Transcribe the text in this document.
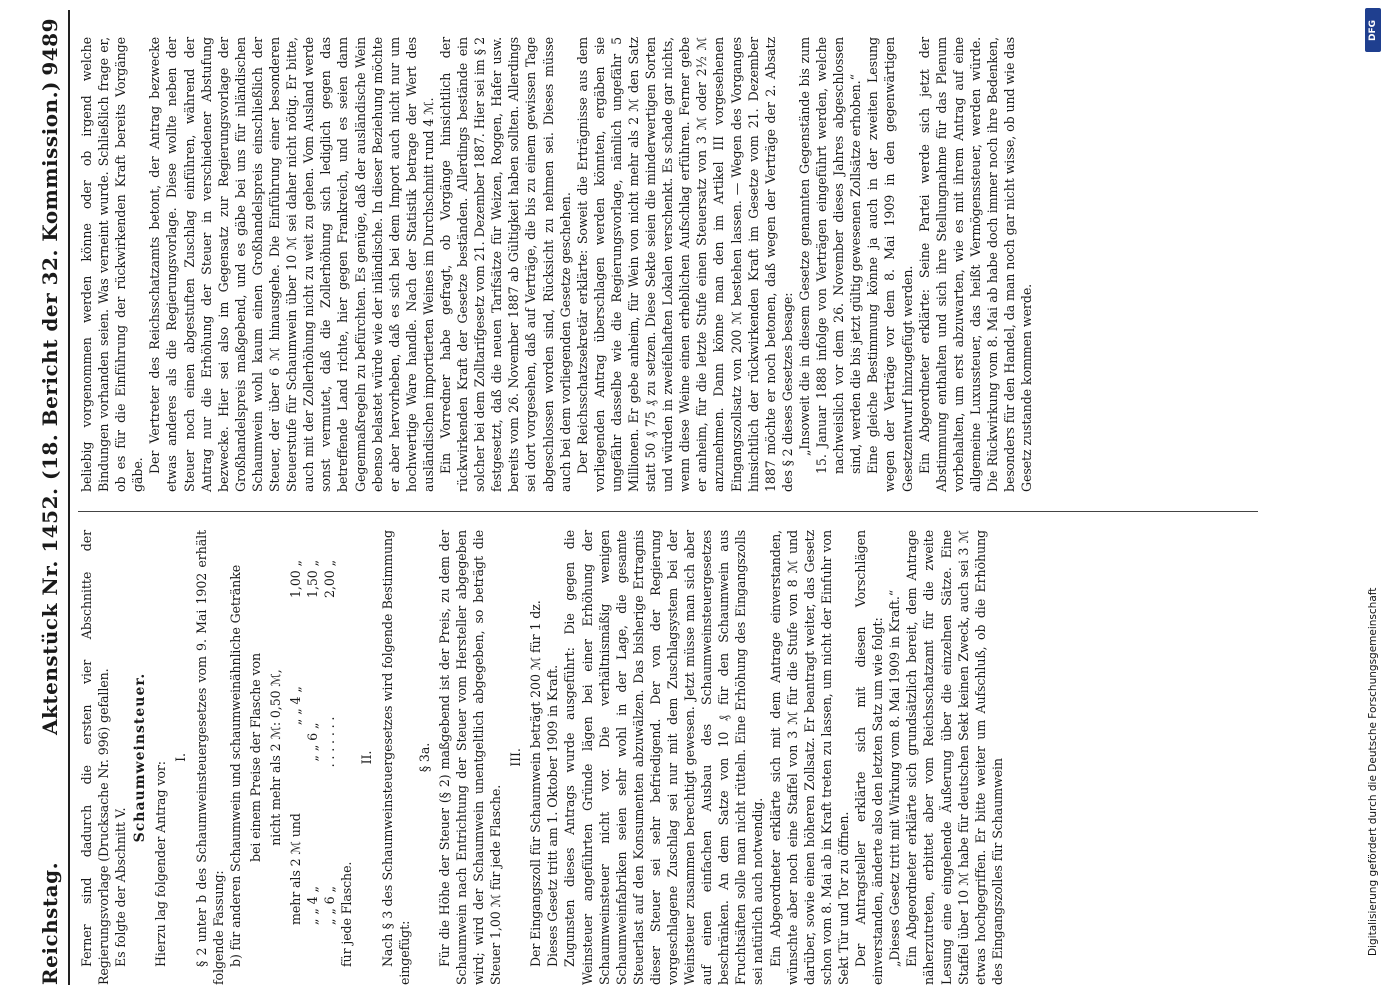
Reichstag.
Aktenstück Nr. 1452.
(18. Bericht der 32. Kommission.)
9489

Ferner sind dadurch die ersten vier Abschnitte der Regierungsvorlage (Drucksache Nr. 996) gefallen. Es folgte der Abschnitt V.

Schaumweinsteuer.

Hierzu lag folgender Antrag vor:

I. § 2 unter b des Schaumweinsteuergesetzes vom 9. Mai 1902 erhält folgende Fassung: b) für anderen Schaumwein und schaumweinähnliche Getränke bei einem Preise der Flasche von nicht mehr als 2 ℳ: 0,50 ℳ,

mehr als 2 ℳ und
„ „ 4 „
1,00 „
„ „ 4 „
„ „ 6 „
1,50 „
„ „ 6 „
. . . . . . .
2,00 „

für jede Flasche.

II. Nach § 3 des Schaumweinsteuergesetzes wird folgende Bestimmung eingefügt:

§ 3a. Für die Höhe der Steuer (§ 2) maßgebend ist der Preis, zu dem der Schaumwein nach Entrichtung der Steuer vom Hersteller abgegeben wird; wird der Schaumwein unentgeltlich abgegeben, so beträgt die Steuer 1,00 ℳ für jede Flasche.

III. Der Eingangszoll für Schaumwein beträgt 200 ℳ für 1 dz. Dieses Gesetz tritt am 1. Oktober 1909 in Kraft. Zugunsten dieses Antrags wurde ausgeführt: Die gegen die Weinsteuer angeführten Gründe lägen bei einer Erhöhung der Schaumweinsteuer nicht vor. Die verhältnismäßig wenigen Schaumweinfabriken seien sehr wohl in der Lage, die gesamte Steuerlast auf den Konsumenten abzuwälzen. Das bisherige Ertragnis dieser Steuer sei sehr befriedigend. Der von der Regierung vorgeschlagene Zuschlag sei nur mit dem Zuschlagsystem bei der Weinsteuer zusammen berechtigt gewesen. Jetzt müsse man sich aber auf einen einfachen Ausbau des Schaumweinsteuergesetzes beschränken. An dem Satze von 10 ₰ für den Schaumwein aus Fruchtsäften solle man nicht rütteln. Eine Erhöhung des Eingangszolls sei natürlich auch notwendig. Ein Abgeordneter erklärte sich mit dem Antrage einverstanden, wünschte aber noch eine Staffel von 3 ℳ für die Stufe von 8 ℳ und darüber, sowie einen höheren Zollsatz. Er beantragt weiter, das Gesetz schon vom 8. Mai ab in Kraft treten zu lassen, um nicht der Einfuhr von Sekt Tür und Tor zu öffnen. Der Antragsteller erklärte sich mit diesen Vorschlägen einverstanden, änderte also den letzten Satz um wie folgt: „Dieses Gesetz tritt mit Wirkung vom 8. Mai 1909 in Kraft.“ Ein Abgeordneter erklärte sich grundsätzlich bereit, dem Antrage näherzutreten, erbittet aber vom Reichsschatzamt für die zweite Lesung eine eingehende Äußerung über die einzelnen Sätze. Eine Staffel über 10 ℳ habe für deutschen Sekt keinen Zweck, auch sei 3 ℳ etwas hochgegriffen. Er bitte weiter um Aufschluß, ob die Erhöhung des Eingangszolles für Schaumwein

beliebig vorgenommen werden könne oder ob irgend welche Bindungen vorhanden seien. Was verneint wurde. Schließlich frage er, ob es für die Einführung der rückwirkenden Kraft bereits Vorgänge gäbe.

Der Vertreter des Reichsschatzamts betont, der Antrag bezwecke etwas anderes als die Regierungsvorlage. Diese wollte neben der Steuer noch einen abgestuften Zuschlag einführen, während der Antrag nur die Erhöhung der Steuer in verschiedener Abstufung bezwecke. Hier sei also im Gegensatz zur Regierungsvorlage der Großhandelspreis maßgebend, und es gäbe bei uns für inländischen Schaumwein wohl kaum einen Großhandelspreis einschließlich der Steuer, der über 6 ℳ hinausgehe. Die Einführung einer besonderen Steuerstufe für Schaumwein über 10 ℳ sei daher nicht nötig. Er bitte, auch mit der Zollerhöhung nicht zu weit zu gehen. Vom Ausland werde sonst vermutet, daß die Zollerhöhung sich lediglich gegen das betreffende Land richte, hier gegen Frankreich, und es seien dann Gegenmaßregeln zu befürchten. Es genüge, daß der ausländische Wein ebenso belastet würde wie der inländische. In dieser Beziehung möchte er aber hervorheben, daß es sich bei dem Import auch nicht nur um hochwertige Ware handle. Nach der Statistik betrage der Wert des ausländischen importierten Weines im Durchschnitt rund 4 ℳ. Ein Vorredner habe gefragt, ob Vorgänge hinsichtlich der rückwirkenden Kraft der Gesetze beständen. Allerdings bestände ein solcher bei dem Zolltarifgesetz vom 21. Dezember 1887. Hier sei im § 2 festgesetzt, daß die neuen Tarifsätze für Weizen, Roggen, Hafer usw. bereits vom 26. November 1887 ab Gültigkeit haben sollten. Allerdings sei dort vorgesehen, daß auf Verträge, die bis zu einem gewissen Tage abgeschlossen worden sind, Rücksicht zu nehmen sei. Dieses müsse auch bei dem vorliegenden Gesetze geschehen. Der Reichsschatzsekretär erklärte: Soweit die Erträgnisse aus dem vorliegenden Antrag überschlagen werden könnten, ergäben sie ungefähr dasselbe wie die Regierungsvorlage, nämlich ungefähr 5 Millionen. Er gebe anheim, für Wein von nicht mehr als 2 ℳ den Satz statt 50 ₰ 75 ₰ zu setzen. Diese Sekte seien die minderwertigen Sorten und würden in zweifelhaften Lokalen verschenkt. Es schade gar nichts, wenn diese Weine einen erheblichen Aufschlag erführen. Ferner gebe er anheim, für die letzte Stufe einen Steuersatz von 3 ℳ oder 2½ ℳ anzunehmen. Dann könne man den im Artikel III vorgesehenen Eingangszollsatz von 200 ℳ bestehen lassen. — Wegen des Vorganges hinsichtlich der rückwirkenden Kraft im Gesetze vom 21. Dezember 1887 möchte er noch betonen, daß wegen der Verträge der 2. Absatz des § 2 dieses Gesetzes besage: „Insoweit die in diesem Gesetze genannten Gegenstände bis zum 15. Januar 1888 infolge von Verträgen eingeführt werden, welche nachweislich vor dem 26. November dieses Jahres abgeschlossen sind, werden die bis jetzt gültig gewesenen Zollsätze erhoben.“ Eine gleiche Bestimmung könne ja auch in der zweiten Lesung wegen der Verträge vor dem 8. Mai 1909 in den gegenwärtigen Gesetzentwurf hinzugefügt werden. Ein Abgeordneter erklärte: Seine Partei werde sich jetzt der Abstimmung enthalten und sich ihre Stellungnahme für das Plenum vorbehalten, um erst abzuwarten, wie es mit ihrem Antrag auf eine allgemeine Luxussteuer, das heißt Vermögenssteuer, werden würde. Die Rückwirkung vom 8. Mai ab habe doch immer noch ihre Bedenken, besonders für den Handel, da man noch gar nicht wisse, ob und wie das Gesetz zustande kommen werde.

DFG
Digitalisierung gefördert durch die Deutsche Forschungsgemeinschaft
